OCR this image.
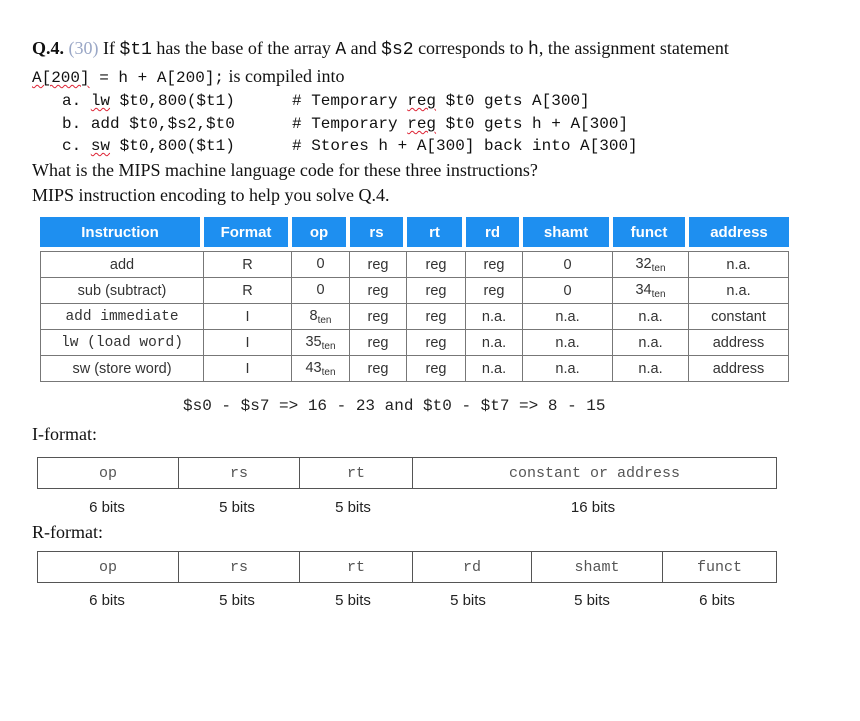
Q.4. (30) If $t1 has the base of the array A and $s2 corresponds to h, the assignment statement
A[200] = h + A[200]; is compiled into
a. lw $t0,800($t1)	# Temporary reg $t0 gets A[300]
b. add $t0,$s2,$t0	# Temporary reg $t0 gets h + A[300]
c. sw $t0,800($t1)	# Stores h + A[300] back into A[300]
What is the MIPS machine language code for these three instructions?
MIPS instruction encoding to help you solve Q.4.
Instruction	Format	op	rs	rt	rd	shamt	funct	address

add	R	0	reg	reg	reg	0	$32_{ten}$	n.a.
sub (subtract)	R	0	reg	reg	reg	0	$34_{ten}$	n.a.
add immediate	I	$8_{ten}$	reg	reg	n.a.	n.a.	n.a.	constant
lw (load word)	I	$35_{ten}$	reg	reg	n.a.	n.a.	n.a.	address
sw (store word)	I	$43_{ten}$	reg	reg	n.a.	n.a.	n.a.	address
$s0 - $s7 => 16 - 23 and $t0 - $t7 => 8 - 15
I-format:
op	rs	rt	constant or address
6 bits	5 bits	5 bits	16 bits
R-format:
op	rs	rt	rd	shamt	funct
6 bits	5 bits	5 bits	5 bits	5 bits	6 bits
